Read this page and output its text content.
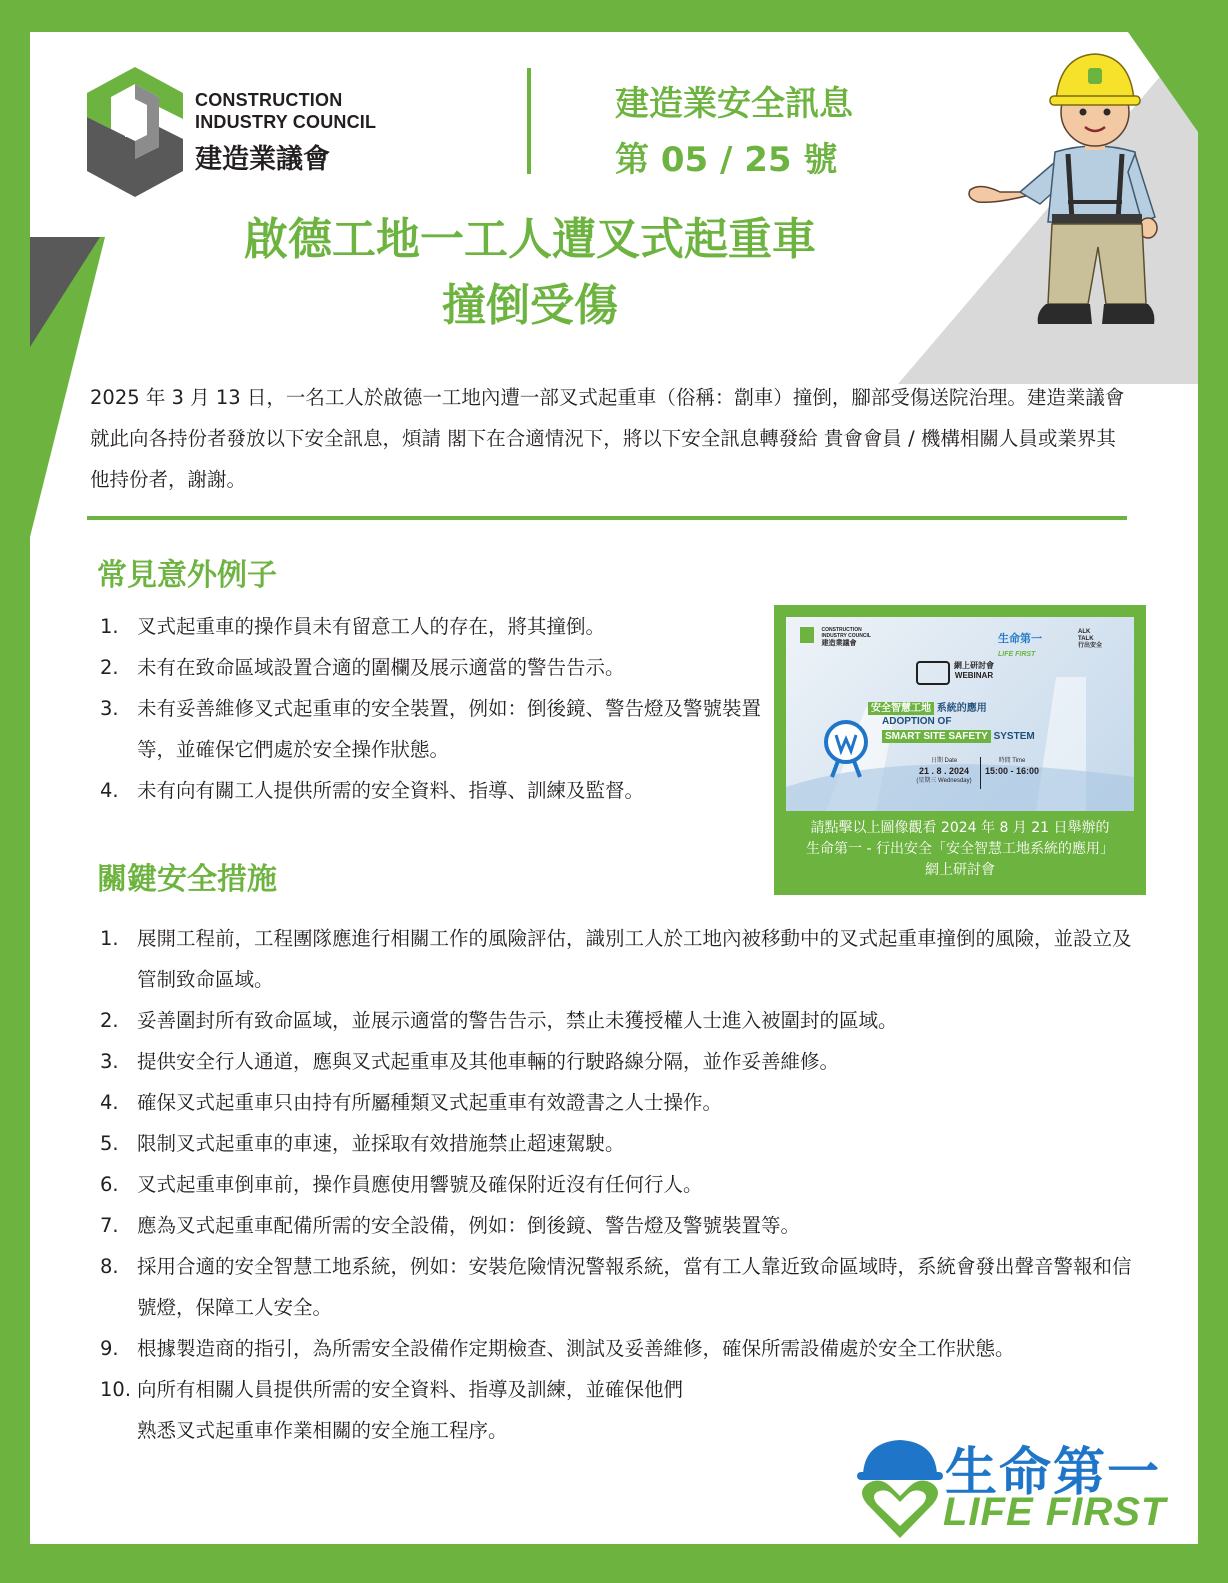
CONSTRUCTION
INDUSTRY COUNCIL
建造業議會
建造業安全訊息
第 05 / 25 號
啟德工地一工人遭叉式起重車
撞倒受傷
2025 年 3 月 13 日，一名工人於啟德一工地內遭一部叉式起重車（俗稱：劏車）撞倒，腳部受傷送院治理。建造業議會就此向各持份者發放以下安全訊息，煩請 閣下在合適情況下，將以下安全訊息轉發給 貴會會員 / 機構相關人員或業界其他持份者，謝謝。
常見意外例子
1. 叉式起重車的操作員未有留意工人的存在，將其撞倒。
2. 未有在致命區域設置合適的圍欄及展示適當的警告告示。
3. 未有妥善維修叉式起重車的安全裝置，例如：倒後鏡、警告燈及警號裝置等，並確保它們處於安全操作狀態。
4. 未有向有關工人提供所需的安全資料、指導、訓練及監督。

CONSTRUCTION
INDUSTRY COUNCIL
建造業議會	生命第一
$^{LIFE FIRST}$
ALK
TALK
行出安全
網上研討會
WEBINAR
安全智慧工地 系統的應用
ADOPTION OF
SMART SITE SAFETY SYSTEM
日期 Date
21 . 8 . 2024
(星期三 Wednesday)
時間 Time
15:00 - 16:00
請點擊以上圖像觀看 2024 年 8 月 21 日舉辦的
生命第一 - 行出安全「安全智慧工地系統的應用」
網上研討會
關鍵安全措施
1. 展開工程前，工程團隊應進行相關工作的風險評估，識別工人於工地內被移動中的叉式起重車撞倒的風險，並設立及管制致命區域。
2. 妥善圍封所有致命區域，並展示適當的警告告示，禁止未獲授權人士進入被圍封的區域。
3. 提供安全行人通道，應與叉式起重車及其他車輛的行駛路線分隔，並作妥善維修。
4. 確保叉式起重車只由持有所屬種類叉式起重車有效證書之人士操作。
5. 限制叉式起重車的車速，並採取有效措施禁止超速駕駛。
6. 叉式起重車倒車前，操作員應使用響號及確保附近沒有任何行人。
7. 應為叉式起重車配備所需的安全設備，例如：倒後鏡、警告燈及警號裝置等。
8. 採用合適的安全智慧工地系統，例如：安裝危險情況警報系統，當有工人靠近致命區域時，系統會發出聲音警報和信號燈，保障工人安全。
9. 根據製造商的指引，為所需安全設備作定期檢查、測試及妥善維修，確保所需設備處於安全工作狀態。
10. 向所有相關人員提供所需的安全資料、指導及訓練，並確保他們
熟悉叉式起重車作業相關的安全施工程序。
生命第一
LIFE FIRST
